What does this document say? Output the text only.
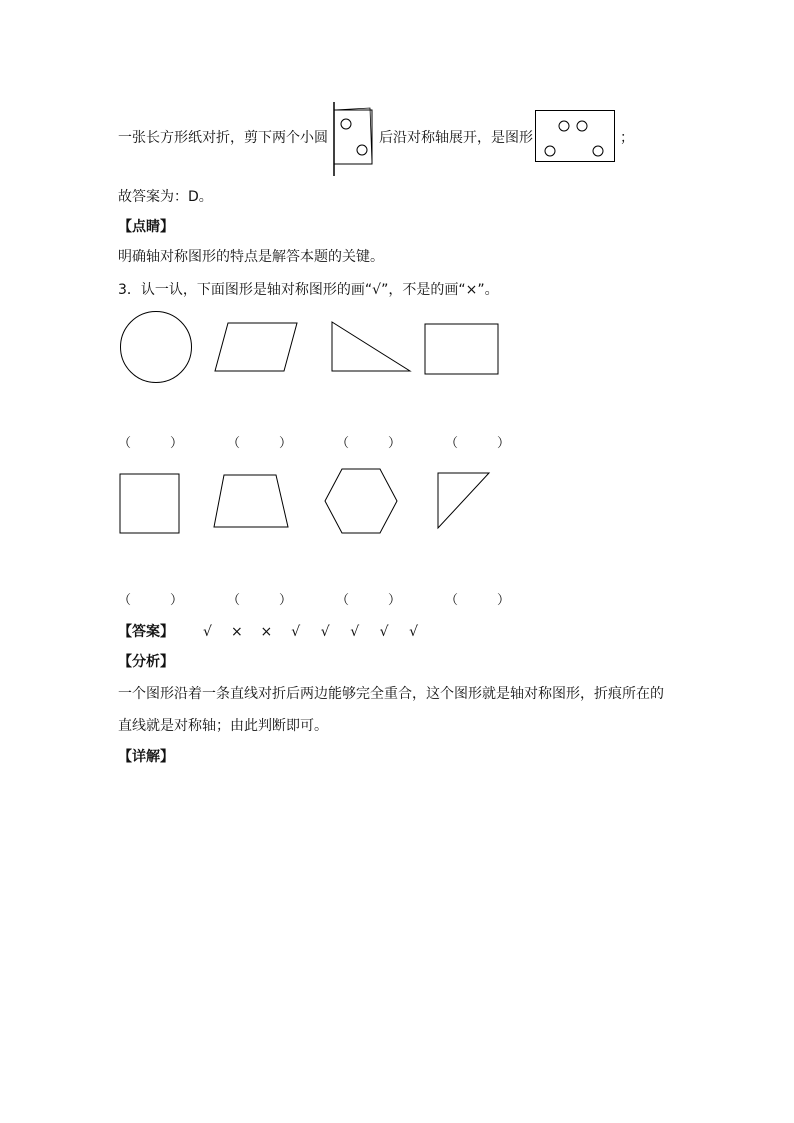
一张长方形纸对折，剪下两个小圆	后沿对称轴展开，是图形	；
故答案为：D。
【点睛】
明确轴对称图形的特点是解答本题的关键。
3．认一认，下面图形是轴对称图形的画“√”，不是的画“×”。
（　　　）	（　　　）	（　　　）	（　　　）
（　　　）	（　　　）	（　　　）	（　　　）
【答案】 √ × × √ √ √ √ √
【分析】
一个图形沿着一条直线对折后两边能够完全重合，这个图形就是轴对称图形，折痕所在的
直线就是对称轴；由此判断即可。
【详解】
